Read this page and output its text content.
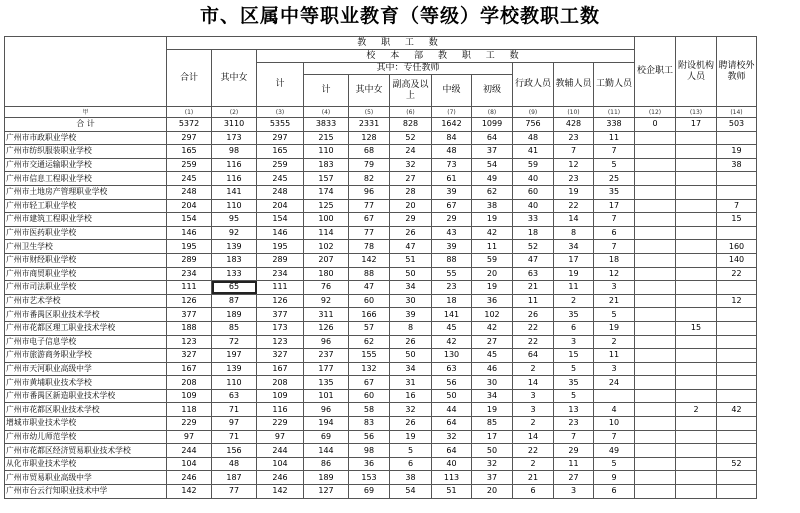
市、区属中等职业教育（等级）学校教职工数
	教 职 工 数											校企职工	附设机构人员	聘请校外教师
	合计	其中女	校 本 部 教 职 工 数											
			计	其中：专任教师					行政人员	教辅人员	工勤人员			
				计	其中女	副高及以上	中级	初级						
甲	(1)	(2)	(3)	(4)	(5)	(6)	(7)	(8)	(9)	(10)	(11)	(12)	(13)	(14)
合 计	5372	3110	5355	3833	2331	828	1642	1099	756	428	338	0	17	503
广州市市政职业学校	297	173	297	215	128	52	84	64	48	23	11			
广州市纺织服装职业学校	165	98	165	110	68	24	48	37	41	7	7			19
广州市交通运输职业学校	259	116	259	183	79	32	73	54	59	12	5			38
广州市信息工程职业学校	245	116	245	157	82	27	61	49	40	23	25			
广州市土地房产管理职业学校	248	141	248	174	96	28	39	62	60	19	35			
广州市轻工职业学校	204	110	204	125	77	20	67	38	40	22	17			7
广州市建筑工程职业学校	154	95	154	100	67	29	29	19	33	14	7			15
广州市医药职业学校	146	92	146	114	77	26	43	42	18	8	6			
广州卫生学校	195	139	195	102	78	47	39	11	52	34	7			160
广州市财经职业学校	289	183	289	207	142	51	88	59	47	17	18			140
广州市商贸职业学校	234	133	234	180	88	50	55	20	63	19	12			22
广州市司法职业学校	111	65	111	76	47	34	23	19	21	11	3			
广州市艺术学校	126	87	126	92	60	30	18	36	11	2	21			12
广州市番禺区职业技术学校	377	189	377	311	166	39	141	102	26	35	5			
广州市花都区理工职业技术学校	188	85	173	126	57	8	45	42	22	6	19		15	
广州市电子信息学校	123	72	123	96	62	26	42	27	22	3	2			
广州市旅游商务职业学校	327	197	327	237	155	50	130	45	64	15	11			
广州市天河职业高级中学	167	139	167	177	132	34	63	46	2	5	3			
广州市黄埔职业技术学校	208	110	208	135	67	31	56	30	14	35	24			
广州市番禺区新造职业技术学校	109	63	109	101	60	16	50	34	3	5				
广州市花都区职业技术学校	118	71	116	96	58	32	44	19	3	13	4		2	42
增城市职业技术学校	229	97	229	194	83	26	64	85	2	23	10			
广州市幼儿师范学校	97	71	97	69	56	19	32	17	14	7	7			
广州市花都区经济贸易职业技术学校	244	156	244	144	98	5	64	50	22	29	49			
从化市职业技术学校	104	48	104	86	36	6	40	32	2	11	5			52
广州市贸易职业高级中学	246	187	246	189	153	38	113	37	21	27	9			
广州市台云行知职业技术中学	142	77	142	127	69	54	51	20	6	3	6			
